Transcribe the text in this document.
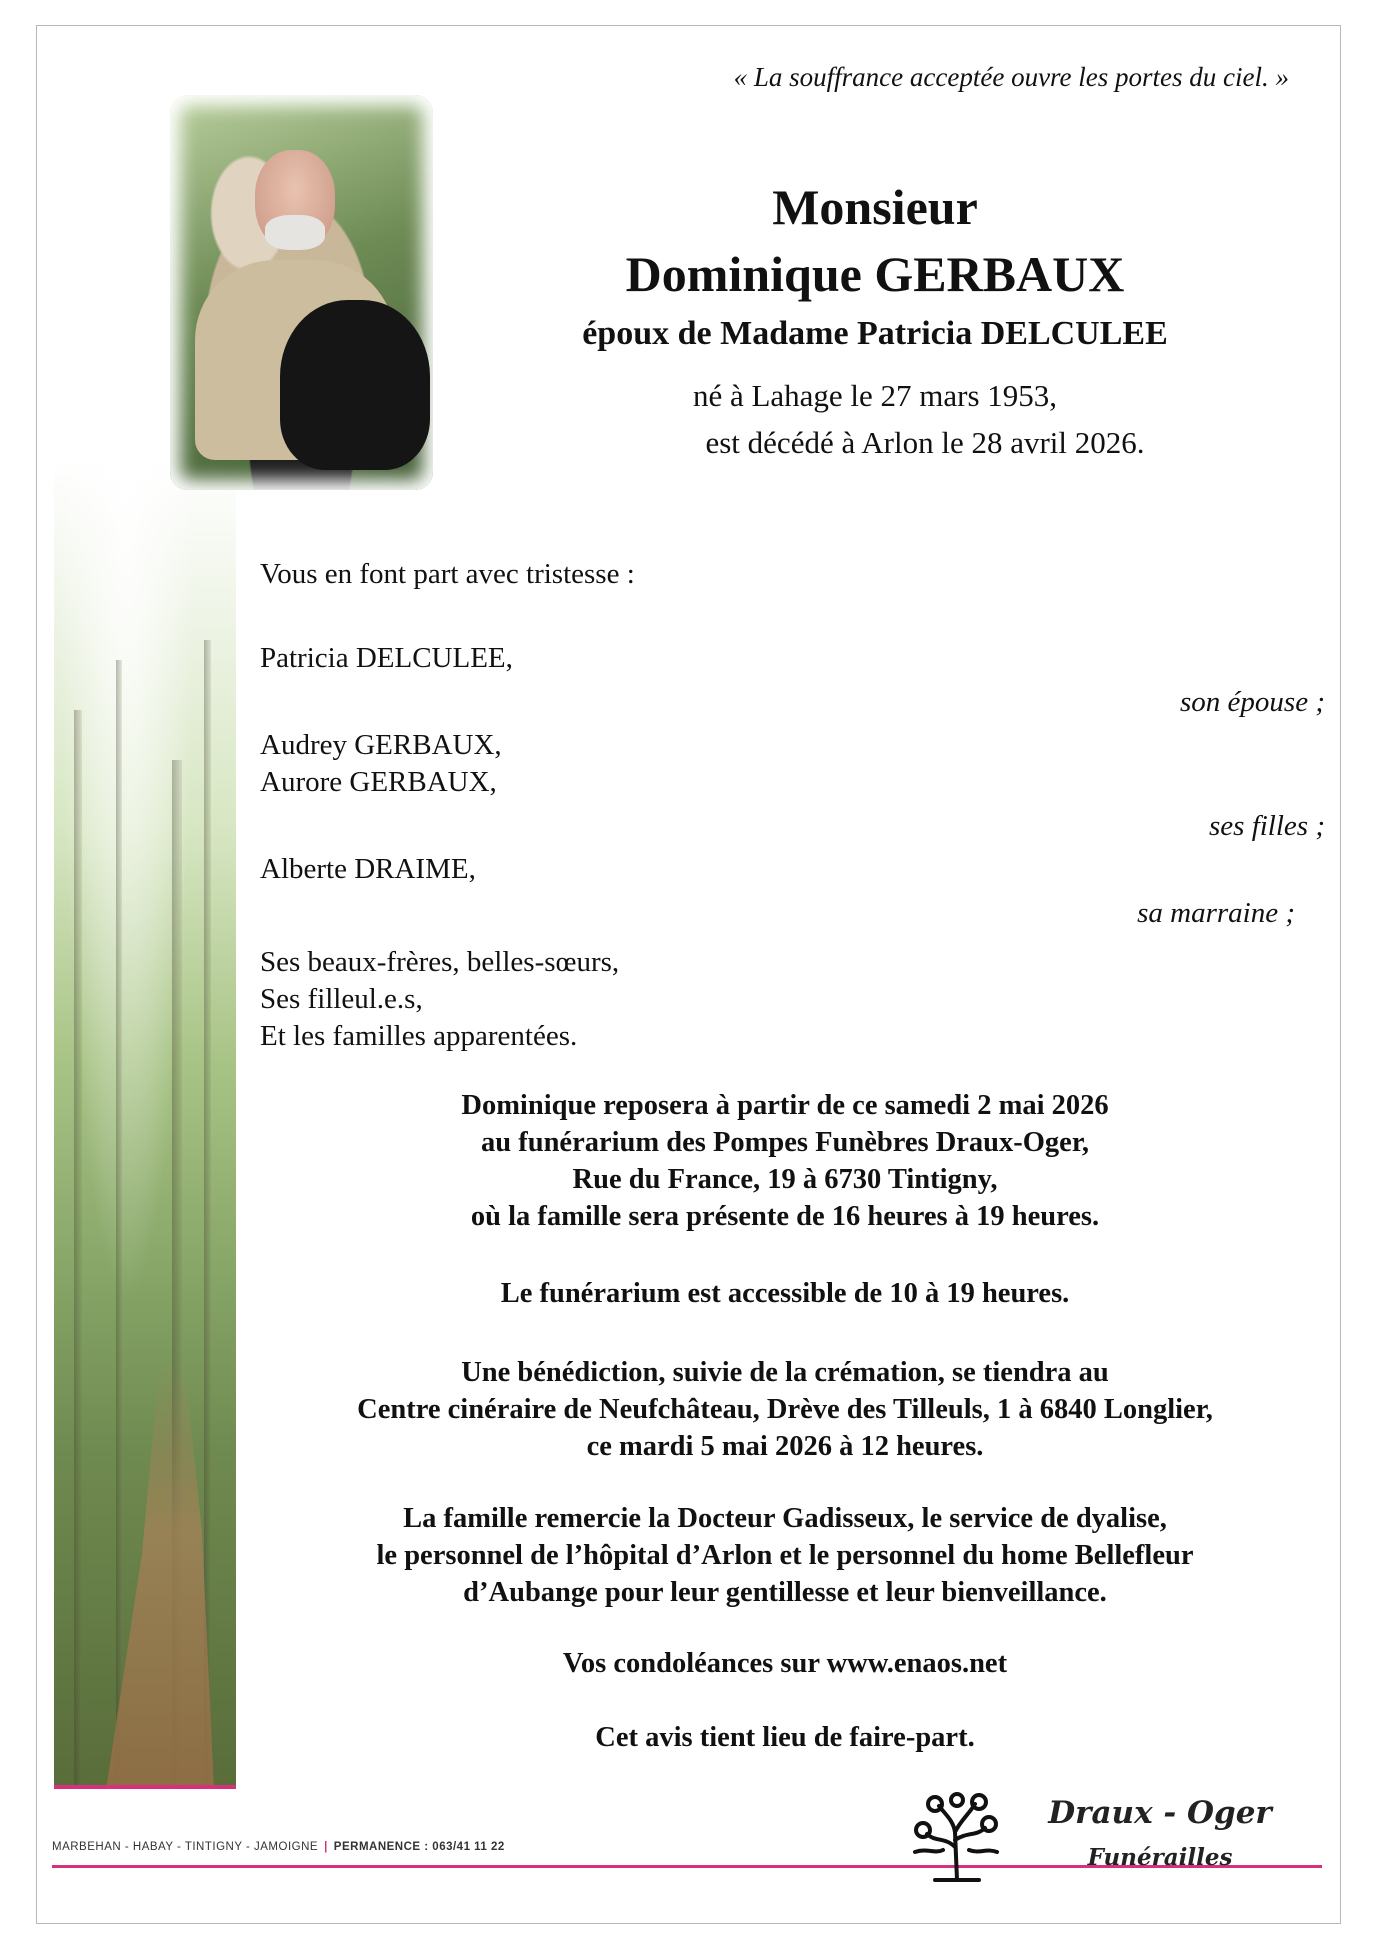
« La souffrance acceptée ouvre les portes du ciel. »
Monsieur
Dominique GERBAUX
époux de Madame Patricia DELCULEE
né à Lahage le 27 mars 1953,
est décédé à Arlon le 28 avril 2026.
Vous en font part avec tristesse :
Patricia DELCULEE,
son épouse ;
Audrey GERBAUX,
Aurore GERBAUX,
ses filles ;
Alberte DRAIME,
sa marraine ;
Ses beaux-frères, belles-sœurs,
Ses filleul.e.s,
Et les familles apparentées.
Dominique reposera à partir de ce samedi 2 mai 2026
au funérarium des Pompes Funèbres Draux-Oger,
Rue du France, 19 à 6730 Tintigny,
où la famille sera présente de 16 heures à 19 heures.
Le funérarium est accessible de 10 à 19 heures.
Une bénédiction, suivie de la crémation, se tiendra au
Centre cinéraire de Neufchâteau, Drève des Tilleuls, 1 à 6840 Longlier,
ce mardi 5 mai 2026 à 12 heures.
La famille remercie la Docteur Gadisseux, le service de dyalise,
le personnel de l’hôpital d’Arlon et le personnel du home Bellefleur
d’Aubange pour leur gentillesse et leur bienveillance.
Vos condoléances sur www.enaos.net
Cet avis tient lieu de faire-part.
MARBEHAN - HABAY - TINTIGNY - JAMOIGNE | PERMANENCE : 063/41 11 22
Draux - Oger
Funérailles
